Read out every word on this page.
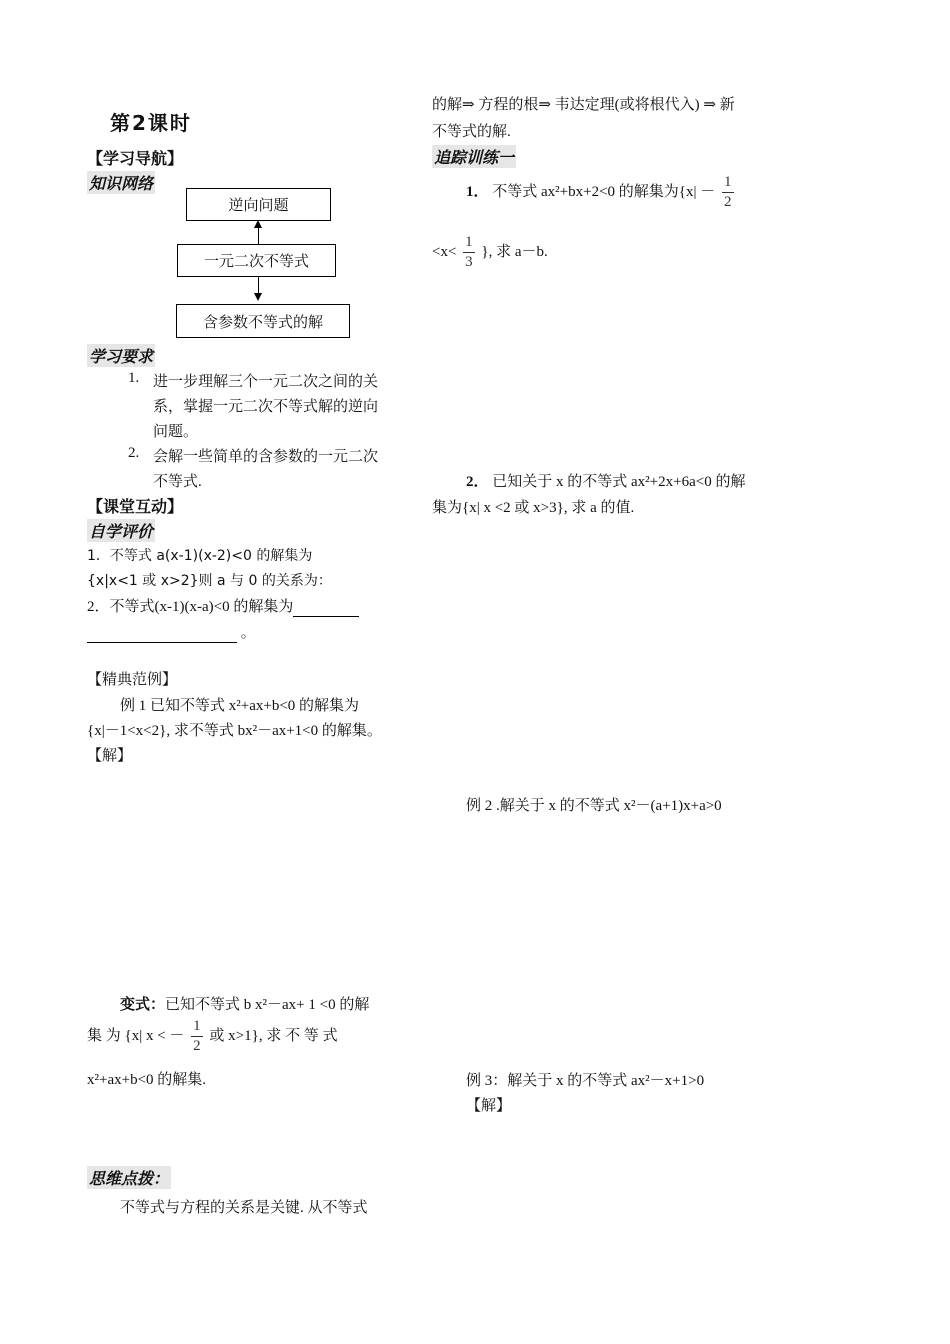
第2课时
【学习导航】
知识网络
逆向问题
一元二次不等式
含参数不等式的解
学习要求
1. 进一步理解三个一元二次之间的关
系，掌握一元二次不等式解的逆向
问题。
2. 会解一些简单的含参数的一元二次
不等式.
【课堂互动】
自学评价
1．不等式 a(x-1)(x-2)<0 的解集为
{x|x<1 或 x>2}则 a 与 0 的关系为：
2．不等式(x-1)(x-a)<0 的解集为
。
【精典范例】
例 1 已知不等式 x²+ax+b<0 的解集为
{x|－1<x<2}, 求不等式 bx²－ax+1<0 的解集。
【解】
变式：已知不等式 b x²－ax+ 1 <0 的解
集 为 {x| x < － $\frac{1}{2}$ 或 x>1}, 求 不 等 式
x²+ax+b<0 的解集.
思维点拨：
不等式与方程的关系是关键. 从不等式
的解⇒ 方程的根⇒ 韦达定理(或将根代入) ⇒ 新
不等式的解.
追踪训练一
1． 不等式 ax²+bx+2<0 的解集为{$x| - \frac{1}{2}$
$<x< \frac{1}{3}$ }, 求 a－b.
2． 已知关于 x 的不等式 ax²+2x+6a<0 的解
集为{x| x <2 或 x>3}, 求 a 的值.
例 2 .解关于 x 的不等式 x²－(a+1)x+a>0
例 3：解关于 x 的不等式 ax²－x+1>0
【解】
